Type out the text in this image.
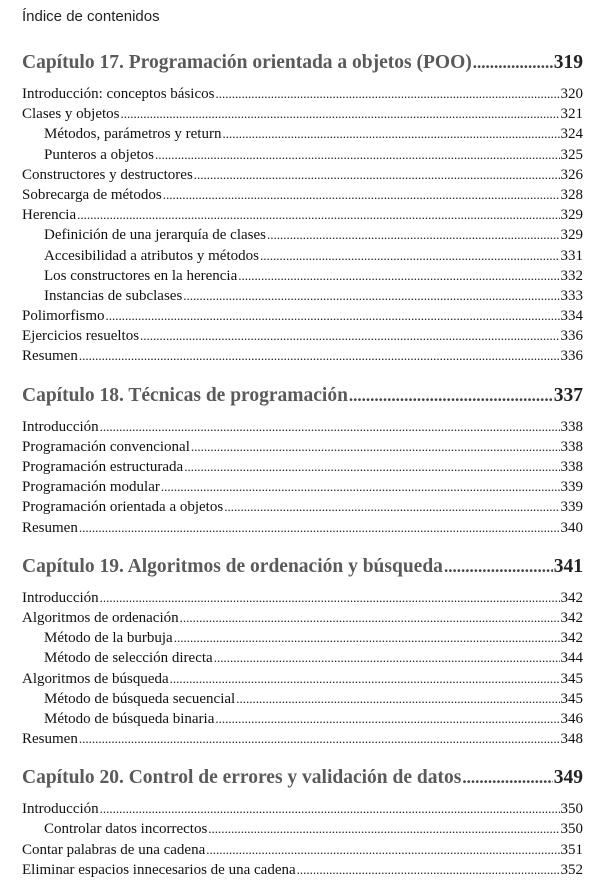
Índice de contenidos
Capítulo 17. Programación orientada a objetos (POO) .....	319
Introducción: conceptos básicos .....	320
Clases y objetos .....	321
Métodos, parámetros y return .....	324
Punteros a objetos .....	325
Constructores y destructores .....	326
Sobrecarga de métodos .....	328
Herencia .....	329
Definición de una jerarquía de clases .....	329
Accesibilidad a atributos y métodos .....	331
Los constructores en la herencia .....	332
Instancias de subclases .....	333
Polimorfismo .....	334
Ejercicios resueltos .....	336
Resumen .....	336
Capítulo 18. Técnicas de programación .....	337
Introducción .....	338
Programación convencional .....	338
Programación estructurada .....	338
Programación modular .....	339
Programación orientada a objetos .....	339
Resumen .....	340
Capítulo 19. Algoritmos de ordenación y búsqueda .....	341
Introducción .....	342
Algoritmos de ordenación .....	342
Método de la burbuja .....	342
Método de selección directa .....	344
Algoritmos de búsqueda .....	345
Método de búsqueda secuencial .....	345
Método de búsqueda binaria .....	346
Resumen .....	348
Capítulo 20. Control de errores y validación de datos .....	349
Introducción .....	350
Controlar datos incorrectos .....	350
Contar palabras de una cadena .....	351
Eliminar espacios innecesarios de una cadena .....	352
